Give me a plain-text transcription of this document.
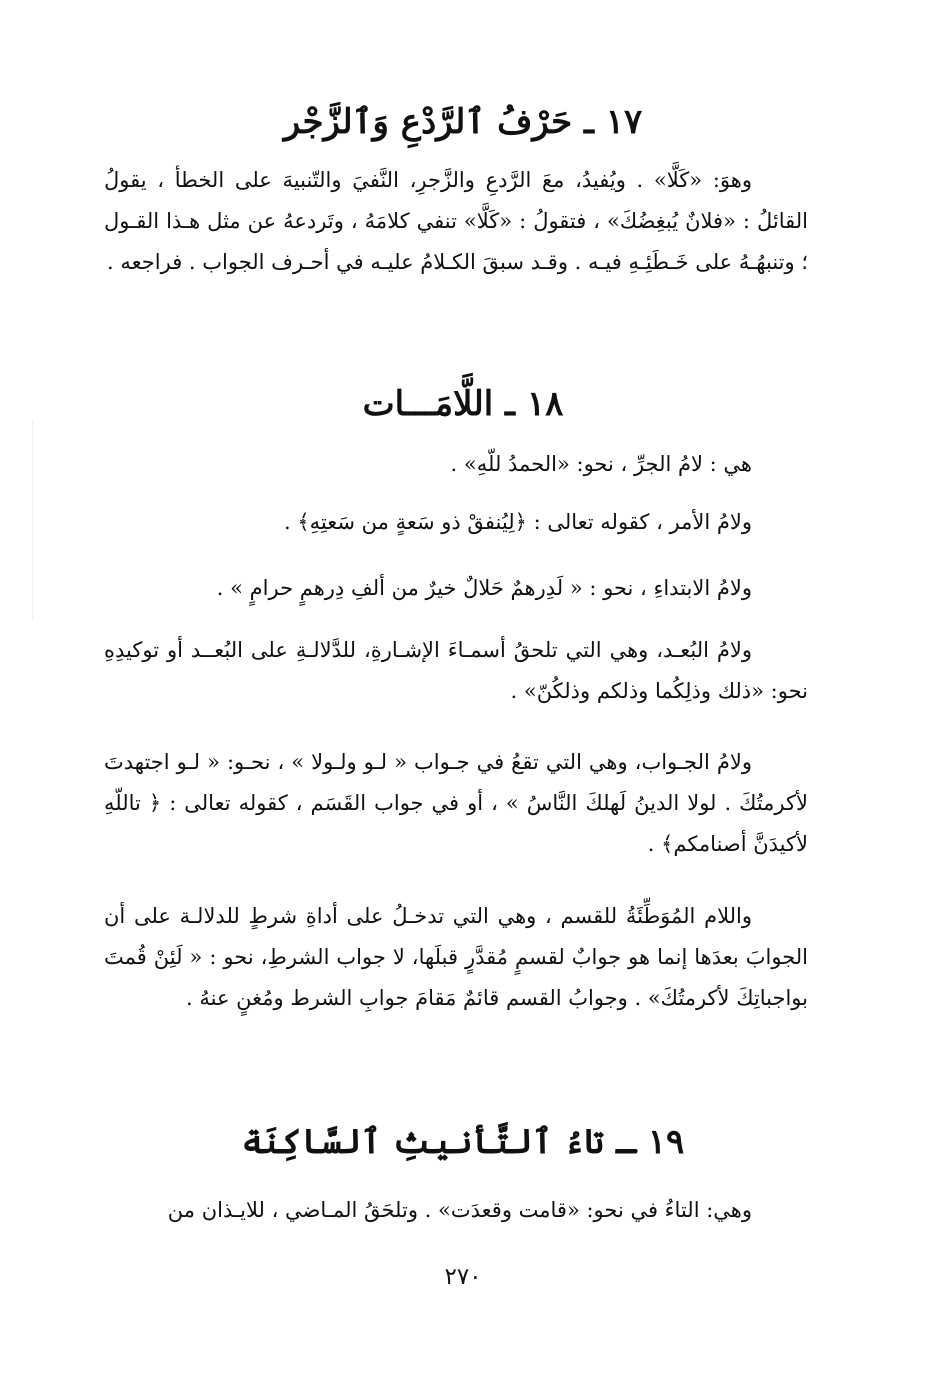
١٧ ـ حَرْفُ ٱلرَّدْعِ وَٱلزَّجْر
وهوَ: «كَلَّا» . ويُفيدُ، معَ الرَّدعِ والزَّجرِ، النَّفيَ والتّنبيهَ على الخطأ ، يقولُ القائلُ : «فلانٌ يُبغِضُكَ» ، فتقولُ : «كَلَّا» تنفي كلامَهُ ، وتَردعهُ عن مثل هـذا القـول ؛ وتنبهُـهُ على خَـطَئِـهِ فيـه . وقـد سبقَ الكـلامُ عليـه في أحـرف الجواب . فراجعه .
١٨ ـ اللَّامَـــات
هي : لامُ الجرِّ ، نحو: «الحمدُ للّهِ» .
ولامُ الأمر ، كقوله تعالى : ﴿لِيُنفقْ ذو سَعةٍ من سَعتِهِ﴾ .
ولامُ الابتداءِ ، نحو : « لَدِرهمٌ حَلالٌ خيرٌ من ألفِ دِرهمٍ حرامٍ » .
ولامُ البُعـد، وهي التي تلحقُ أسمـاءَ الإشـارةِ، للدَّلالـةِ على البُعــد أو توكيدِهِ نحو: «ذلك وذلِكُما وذلكم وذلكُنّ» .
ولامُ الجـواب، وهي التي تقعُ في جـواب « لـو ولـولا » ، نحـو: « لـو اجتهدتَ لأكرمتُكَ . لولا الدينُ لَهلكَ النَّاسُ » ، أو في جواب القَسَم ، كقوله تعالى : ﴿ تاللّهِ لأكيدَنَّ أصنامكم﴾ .
واللام المُوَطِّئَةُ للقسم ، وهي التي تدخـلُ على أداةِ شرطٍ للدلالـة على أن الجوابَ بعدَها إنما هو جوابٌ لقسمٍ مُقدَّرٍ قبلَها، لا جواب الشرطِ، نحو : « لَئِنْ قُمتَ بواجباتِكَ لأكرمتُكَ» . وجوابُ القسم قائمٌ مَقامَ جوابِ الشرط ومُغنٍ عنهُ .
١٩ ـ تاءُ ٱلتَّأنيثِ ٱلسَّاكِنَة
وهي: التاءُ في نحو: «قامت وقعدَت» . وتلحَقُ المـاضي ، للايـذان من
٢٧٠
